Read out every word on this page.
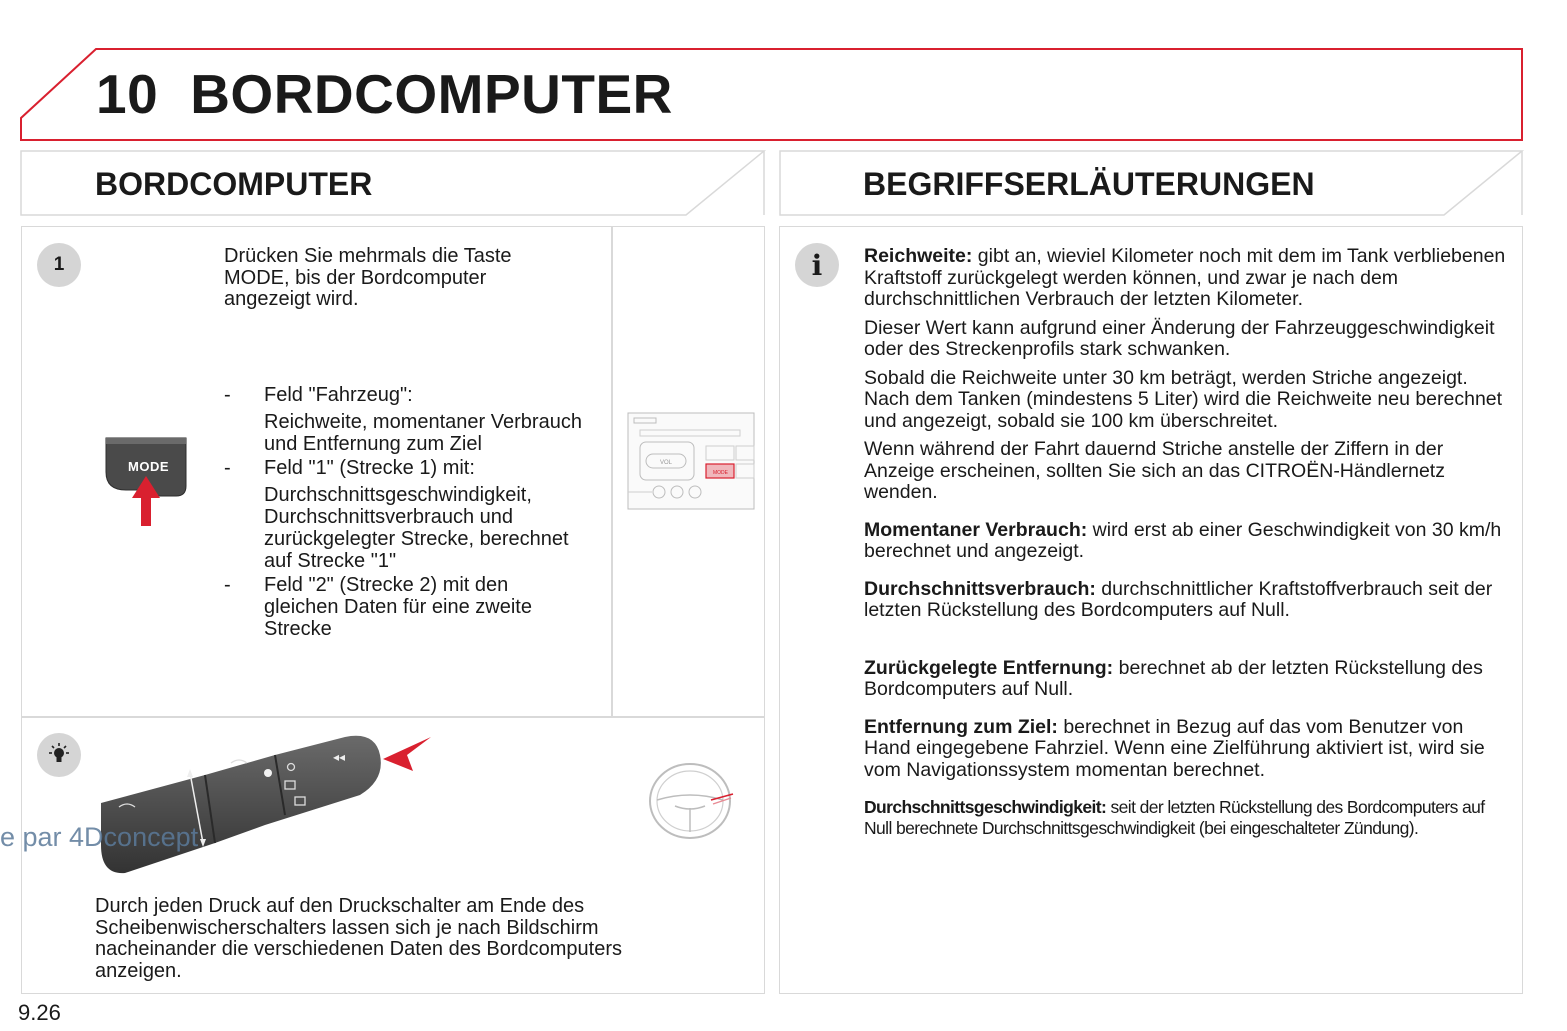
10 BORDCOMPUTER
BORDCOMPUTER	BEGRIFFSERLÄUTERUNGEN
1	Drücken Sie mehrmals die Taste MODE, bis der Bordcomputer angezeigt wird.
MODE
- Feld "Fahrzeug":
Reichweite, momentaner Verbrauch und Entfernung zum Ziel
- Feld "1" (Strecke 1) mit:
Durchschnittsgeschwindigkeit, Durchschnittsverbrauch und zurückgelegter Strecke, berechnet auf Strecke "1"
- Feld "2" (Strecke 2) mit den gleichen Daten für eine zweite Strecke
VOL
MODE
◂◂
e par 4Dconcept
Durch jeden Druck auf den Druckschalter am Ende des Scheibenwischerschalters lassen sich je nach Bildschirm nacheinander die verschiedenen Daten des Bordcomputers anzeigen.
i Reichweite: gibt an, wieviel Kilometer noch mit dem im Tank verbliebenen Kraftstoff zurückgelegt werden können, und zwar je nach dem durchschnittlichen Verbrauch der letzten Kilometer.

Dieser Wert kann aufgrund einer Änderung der Fahrzeuggeschwindigkeit oder des Streckenprofils stark schwanken.

Sobald die Reichweite unter 30 km beträgt, werden Striche angezeigt. Nach dem Tanken (mindestens 5 Liter) wird die Reichweite neu berechnet und angezeigt, sobald sie 100 km überschreitet.

Wenn während der Fahrt dauernd Striche anstelle der Ziffern in der Anzeige erscheinen, sollten Sie sich an das CITROËN-Händlernetz wenden.

Momentaner Verbrauch: wird erst ab einer Geschwindigkeit von 30 km/h berechnet und angezeigt.

Durchschnittsverbrauch: durchschnittlicher Kraftstoffverbrauch seit der letzten Rückstellung des Bordcomputers auf Null.

Zurückgelegte Entfernung: berechnet ab der letzten Rückstellung des Bordcomputers auf Null.

Entfernung zum Ziel: berechnet in Bezug auf das vom Benutzer von Hand eingegebene Fahrziel. Wenn eine Zielführung aktiviert ist, wird sie vom Navigationssystem momentan berechnet.

Durchschnittsgeschwindigkeit: seit der letzten Rückstellung des Bordcomputers auf Null berechnete Durchschnittsgeschwindigkeit (bei eingeschalteter Zündung).

9.26
